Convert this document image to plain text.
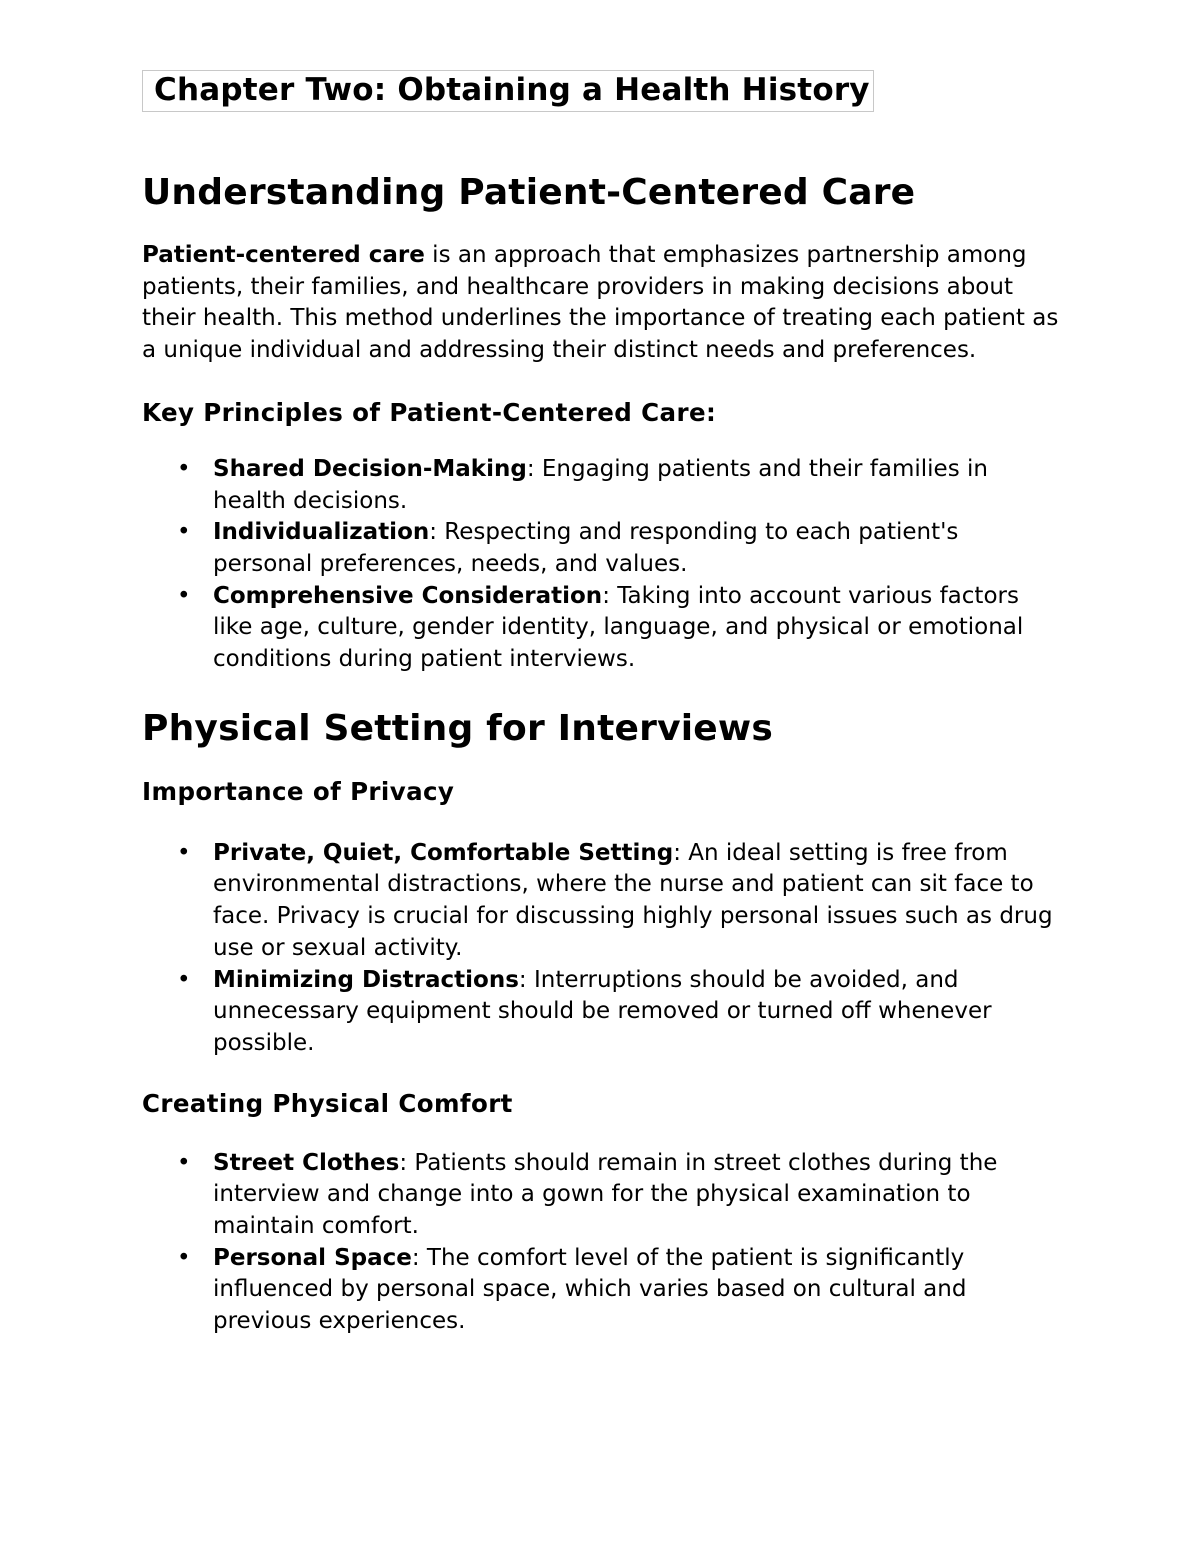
Chapter Two: Obtaining a Health History
Understanding Patient-Centered Care

Patient-centered care is an approach that emphasizes partnership among patients, their families, and healthcare providers in making decisions about their health. This method underlines the importance of treating each patient as a unique individual and addressing their distinct needs and preferences.

Key Principles of Patient-Centered Care:
• Shared Decision-Making: Engaging patients and their families in health decisions.
• Individualization: Respecting and responding to each patient's personal preferences, needs, and values.
• Comprehensive Consideration: Taking into account various factors like age, culture, gender identity, language, and physical or emotional conditions during patient interviews.
Physical Setting for Interviews
Importance of Privacy
• Private, Quiet, Comfortable Setting: An ideal setting is free from environmental distractions, where the nurse and patient can sit face to face. Privacy is crucial for discussing highly personal issues such as drug use or sexual activity.
• Minimizing Distractions: Interruptions should be avoided, and unnecessary equipment should be removed or turned off whenever possible.
Creating Physical Comfort
• Street Clothes: Patients should remain in street clothes during the interview and change into a gown for the physical examination to maintain comfort.
• Personal Space: The comfort level of the patient is significantly influenced by personal space, which varies based on cultural and previous experiences.
